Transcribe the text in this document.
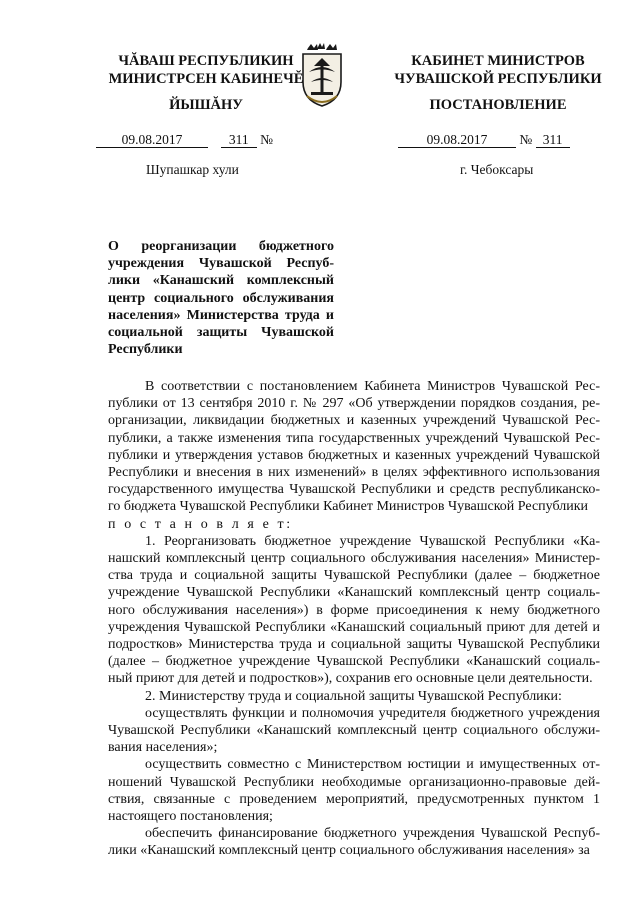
ЧĂВАШ РЕСПУБЛИКИН
МИНИСТРСЕН КАБИНЕЧĔ
ЙЫШĂНУ
КАБИНЕТ МИНИСТРОВ
ЧУВАШСКОЙ РЕСПУБЛИКИ
ПОСТАНОВЛЕНИЕ
09.08.2017	311 №	09.08.2017 № 311
Шупашкар хули	г. Чебоксары
О реорганизации бюджетного учреждения Чувашской Респуб-лики «Канашский комплексный центр социального обслуживания населения» Министерства труда и социальной защиты Чувашской Республики

В соответствии с постановлением Кабинета Министров Чувашской Рес-публики от 13 сентября 2010 г. № 297 «Об утверждении порядков создания, ре-организации, ликвидации бюджетных и казенных учреждений Чувашской Рес-публики, а также изменения типа государственных учреждений Чувашской Рес-публики и утверждения уставов бюджетных и казенных учреждений Чувашской Республики и внесения в них изменений» в целях эффективного использования государственного имущества Чувашской Республики и средств республиканско-го бюджета Чувашской Республики Кабинет Министров Чувашской Республики

п о с т а н о в л я е т:

1. Реорганизовать бюджетное учреждение Чувашской Республики «Ка-нашский комплексный центр социального обслуживания населения» Министер-ства труда и социальной защиты Чувашской Республики (далее – бюджетное учреждение Чувашской Республики «Канашский комплексный центр социаль-ного обслуживания населения») в форме присоединения к нему бюджетного учреждения Чувашской Республики «Канашский социальный приют для детей и подростков» Министерства труда и социальной защиты Чувашской Республики (далее – бюджетное учреждение Чувашской Республики «Канашский социаль-ный приют для детей и подростков»), сохранив его основные цели деятельности.

2. Министерству труда и социальной защиты Чувашской Республики:

осуществлять функции и полномочия учредителя бюджетного учреждения Чувашской Республики «Канашский комплексный центр социального обслужи-вания населения»;

осуществить совместно с Министерством юстиции и имущественных от-ношений Чувашской Республики необходимые организационно-правовые дей-ствия, связанные с проведением мероприятий, предусмотренных пунктом 1 настоящего постановления;

обеспечить финансирование бюджетного учреждения Чувашской Респуб-лики «Канашский комплексный центр социального обслуживания населения» за
